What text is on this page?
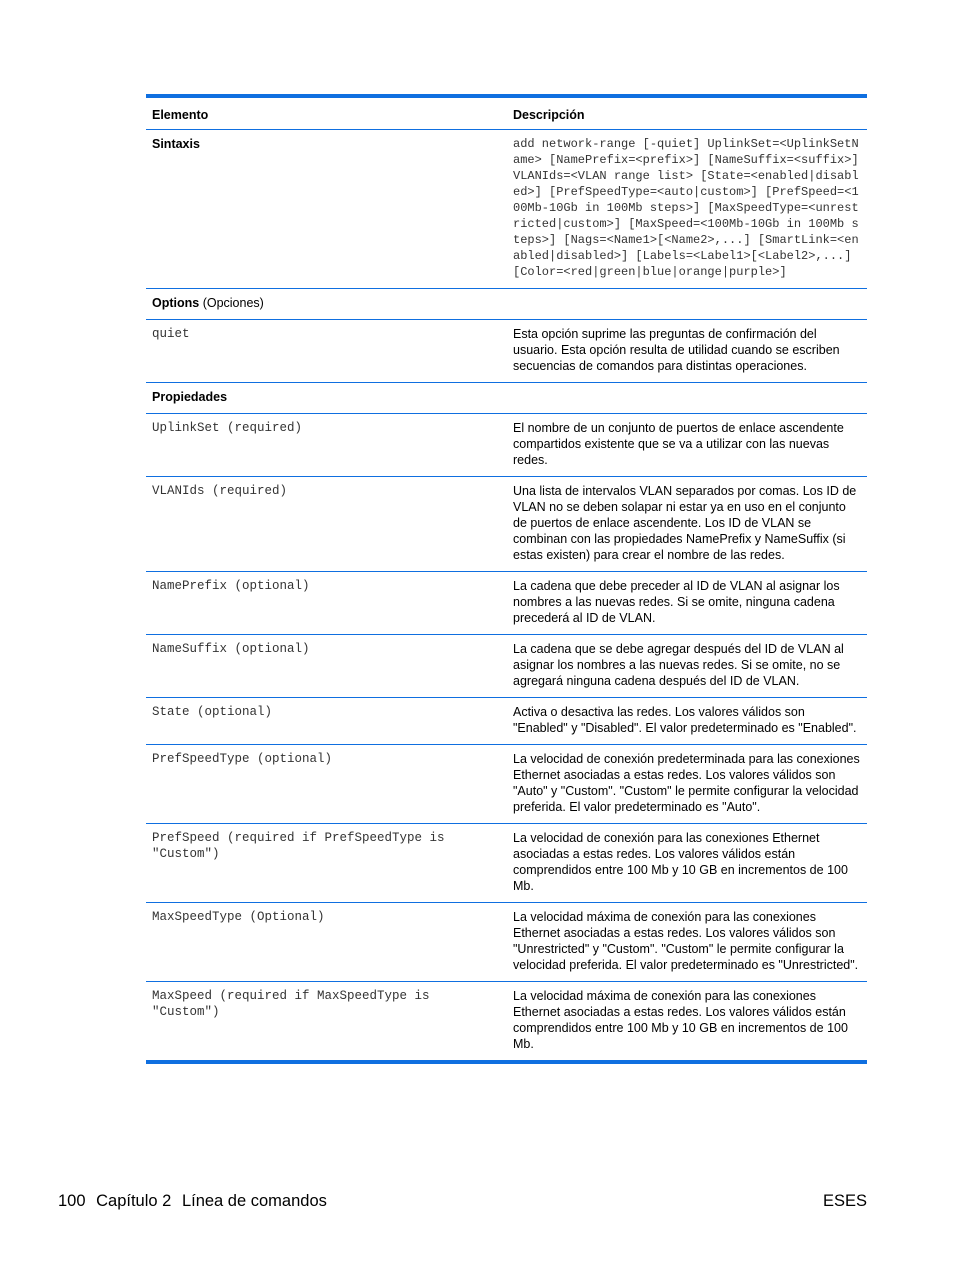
Elemento	Descripción
Sintaxis	add network-range [-quiet] UplinkSet=<UplinkSetName> [NamePrefix=<prefix>] [NameSuffix=<suffix>] VLANIds=<VLAN range list> [State=<enabled|disabled>] [PrefSpeedType=<auto|custom>] [PrefSpeed=<100Mb-10Gb in 100Mb steps>] [MaxSpeedType=<unrestricted|custom>] [MaxSpeed=<100Mb-10Gb in 100Mb steps>] [Nags=<Name1>[<Name2>,...] [SmartLink=<enabled|disabled>] [Labels=<Label1>[<Label2>,...] [Color=<red|green|blue|orange|purple>]

Options (Opciones)	
quiet	Esta opción suprime las preguntas de confirmación del usuario. Esta opción resulta de utilidad cuando se escriben secuencias de comandos para distintas operaciones.
Propiedades	
UplinkSet (required)	El nombre de un conjunto de puertos de enlace ascendente compartidos existente que se va a utilizar con las nuevas redes.
VLANIds (required)	Una lista de intervalos VLAN separados por comas. Los ID de VLAN no se deben solapar ni estar ya en uso en el conjunto de puertos de enlace ascendente. Los ID de VLAN se combinan con las propiedades NamePrefix y NameSuffix (si estas existen) para crear el nombre de las redes.
NamePrefix (optional)	La cadena que debe preceder al ID de VLAN al asignar los nombres a las nuevas redes. Si se omite, ninguna cadena precederá al ID de VLAN.
NameSuffix (optional)	La cadena que se debe agregar después del ID de VLAN al asignar los nombres a las nuevas redes. Si se omite, no se agregará ninguna cadena después del ID de VLAN.
State (optional)	Activa o desactiva las redes. Los valores válidos son "Enabled" y "Disabled". El valor predeterminado es "Enabled".
PrefSpeedType (optional)	La velocidad de conexión predeterminada para las conexiones Ethernet asociadas a estas redes. Los valores válidos son "Auto" y "Custom". "Custom" le permite configurar la velocidad preferida. El valor predeterminado es "Auto".
PrefSpeed (required if PrefSpeedType is "Custom")	La velocidad de conexión para las conexiones Ethernet asociadas a estas redes. Los valores válidos están comprendidos entre 100 Mb y 10 GB en incrementos de 100 Mb.
MaxSpeedType (Optional)	La velocidad máxima de conexión para las conexiones Ethernet asociadas a estas redes. Los valores válidos son "Unrestricted" y "Custom". "Custom" le permite configurar la velocidad preferida. El valor predeterminado es "Unrestricted".
MaxSpeed (required if MaxSpeedType is "Custom")	La velocidad máxima de conexión para las conexiones Ethernet asociadas a estas redes. Los valores válidos están comprendidos entre 100 Mb y 10 GB en incrementos de 100 Mb.
100 Capítulo 2 Línea de comandos	ESES
